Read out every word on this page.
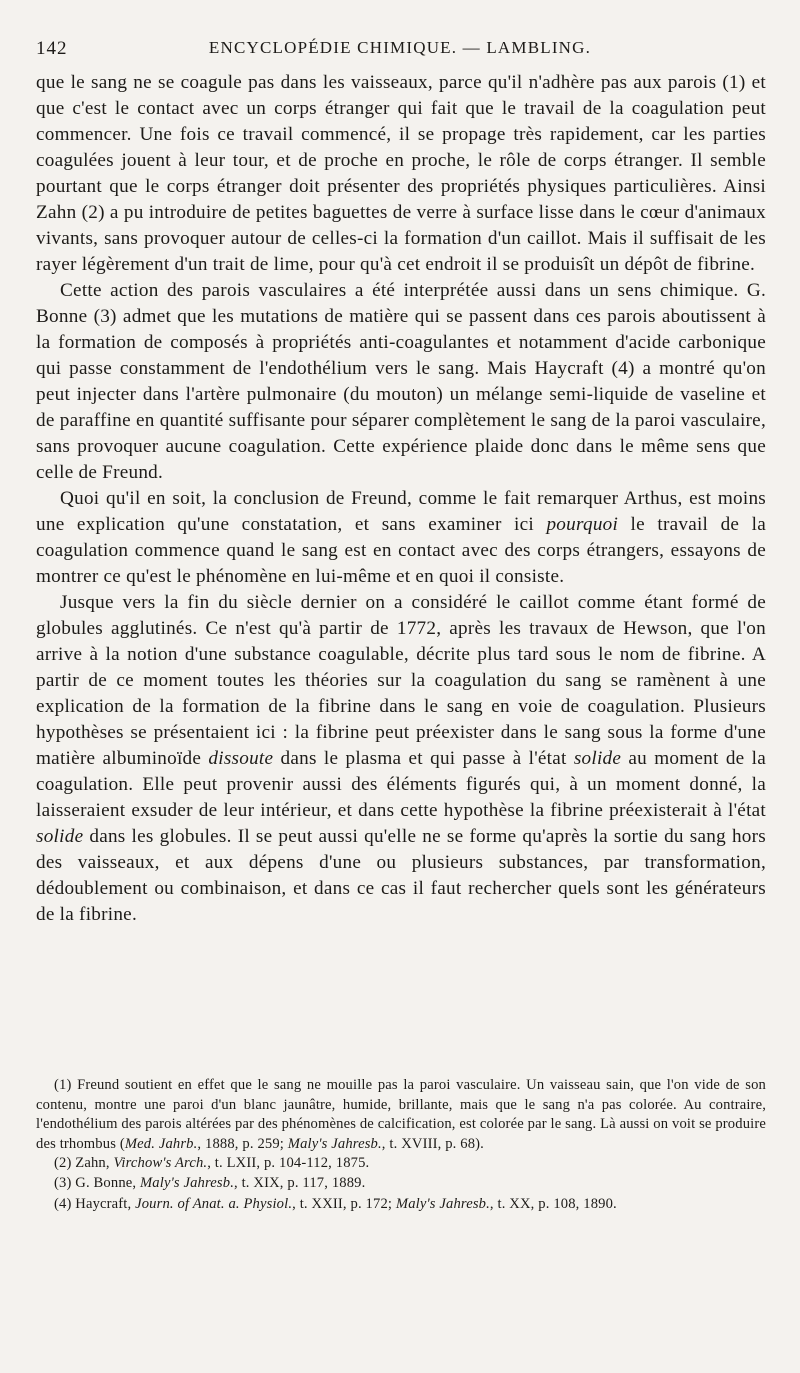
142	ENCYCLOPÉDIE CHIMIQUE. — LAMBLING.

que le sang ne se coagule pas dans les vaisseaux, parce qu'il n'adhère pas aux parois (1) et que c'est le contact avec un corps étranger qui fait que le travail de la coagulation peut commencer. Une fois ce travail commencé, il se propage très rapidement, car les parties coagulées jouent à leur tour, et de proche en proche, le rôle de corps étranger. Il semble pourtant que le corps étranger doit présenter des propriétés physiques particulières. Ainsi Zahn (2) a pu introduire de petites baguettes de verre à surface lisse dans le cœur d'animaux vivants, sans provoquer autour de celles-ci la formation d'un caillot. Mais il suffisait de les rayer légèrement d'un trait de lime, pour qu'à cet endroit il se produisît un dépôt de fibrine.

Cette action des parois vasculaires a été interprétée aussi dans un sens chimique. G. Bonne (3) admet que les mutations de matière qui se passent dans ces parois aboutissent à la formation de composés à propriétés anti-coagulantes et notamment d'acide carbonique qui passe constamment de l'endothélium vers le sang. Mais Haycraft (4) a montré qu'on peut injecter dans l'artère pulmonaire (du mouton) un mélange semi-liquide de vaseline et de paraffine en quantité suffisante pour séparer complètement le sang de la paroi vasculaire, sans provoquer aucune coagulation. Cette expérience plaide donc dans le même sens que celle de Freund.

Quoi qu'il en soit, la conclusion de Freund, comme le fait remarquer Arthus, est moins une explication qu'une constatation, et sans examiner ici pourquoi le travail de la coagulation commence quand le sang est en contact avec des corps étrangers, essayons de montrer ce qu'est le phénomène en lui-même et en quoi il consiste.

Jusque vers la fin du siècle dernier on a considéré le caillot comme étant formé de globules agglutinés. Ce n'est qu'à partir de 1772, après les travaux de Hewson, que l'on arrive à la notion d'une substance coagulable, décrite plus tard sous le nom de fibrine. A partir de ce moment toutes les théories sur la coagulation du sang se ramènent à une explication de la formation de la fibrine dans le sang en voie de coagulation. Plusieurs hypothèses se présentaient ici : la fibrine peut préexister dans le sang sous la forme d'une matière albuminoïde dissoute dans le plasma et qui passe à l'état solide au moment de la coagulation. Elle peut provenir aussi des éléments figurés qui, à un moment donné, la laisseraient exsuder de leur intérieur, et dans cette hypothèse la fibrine préexisterait à l'état solide dans les globules. Il se peut aussi qu'elle ne se forme qu'après la sortie du sang hors des vaisseaux, et aux dépens d'une ou plusieurs substances, par transformation, dédoublement ou combinaison, et dans ce cas il faut rechercher quels sont les générateurs de la fibrine.

(1) Freund soutient en effet que le sang ne mouille pas la paroi vasculaire. Un vaisseau sain, que l'on vide de son contenu, montre une paroi d'un blanc jaunâtre, humide, brillante, mais que le sang n'a pas colorée. Au contraire, l'endothélium des parois altérées par des phénomènes de calcification, est colorée par le sang. Là aussi on voit se produire des trhombus (Med. Jahrb., 1888, p. 259; Maly's Jahresb., t. XVIII, p. 68).

(2) Zahn, Virchow's Arch., t. LXII, p. 104-112, 1875.

(3) G. Bonne, Maly's Jahresb., t. XIX, p. 117, 1889.

(4) Haycraft, Journ. of Anat. a. Physiol., t. XXII, p. 172; Maly's Jahresb., t. XX, p. 108, 1890.
